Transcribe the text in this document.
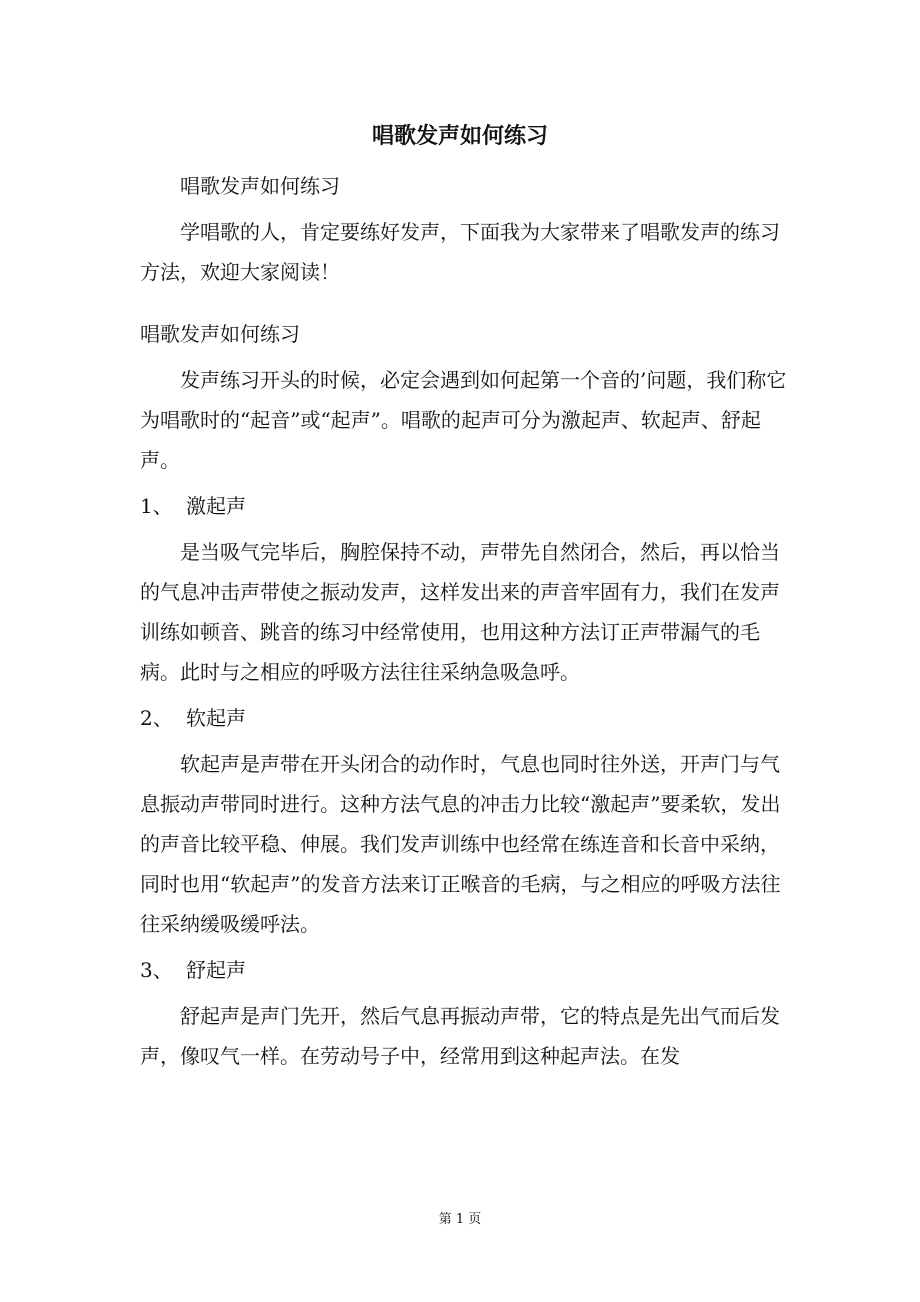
唱歌发声如何练习

唱歌发声如何练习

学唱歌的人，肯定要练好发声，下面我为大家带来了唱歌发声的练习方法，欢迎大家阅读！

唱歌发声如何练习

发声练习开头的时候，必定会遇到如何起第一个音的’问题，我们称它为唱歌时的“起音”或“起声”。唱歌的起声可分为激起声、软起声、舒起声。

1、 激起声

是当吸气完毕后，胸腔保持不动，声带先自然闭合，然后，再以恰当的气息冲击声带使之振动发声，这样发出来的声音牢固有力，我们在发声训练如顿音、跳音的练习中经常使用，也用这种方法订正声带漏气的毛病。此时与之相应的呼吸方法往往采纳急吸急呼。

2、 软起声

软起声是声带在开头闭合的动作时，气息也同时往外送，开声门与气息振动声带同时进行。这种方法气息的冲击力比较“激起声”要柔软，发出的声音比较平稳、伸展。我们发声训练中也经常在练连音和长音中采纳，同时也用“软起声”的发音方法来订正喉音的毛病，与之相应的呼吸方法往往采纳缓吸缓呼法。

3、 舒起声

舒起声是声门先开，然后气息再振动声带，它的特点是先出气而后发声，像叹气一样。在劳动号子中，经常用到这种起声法。在发

第 1 页
